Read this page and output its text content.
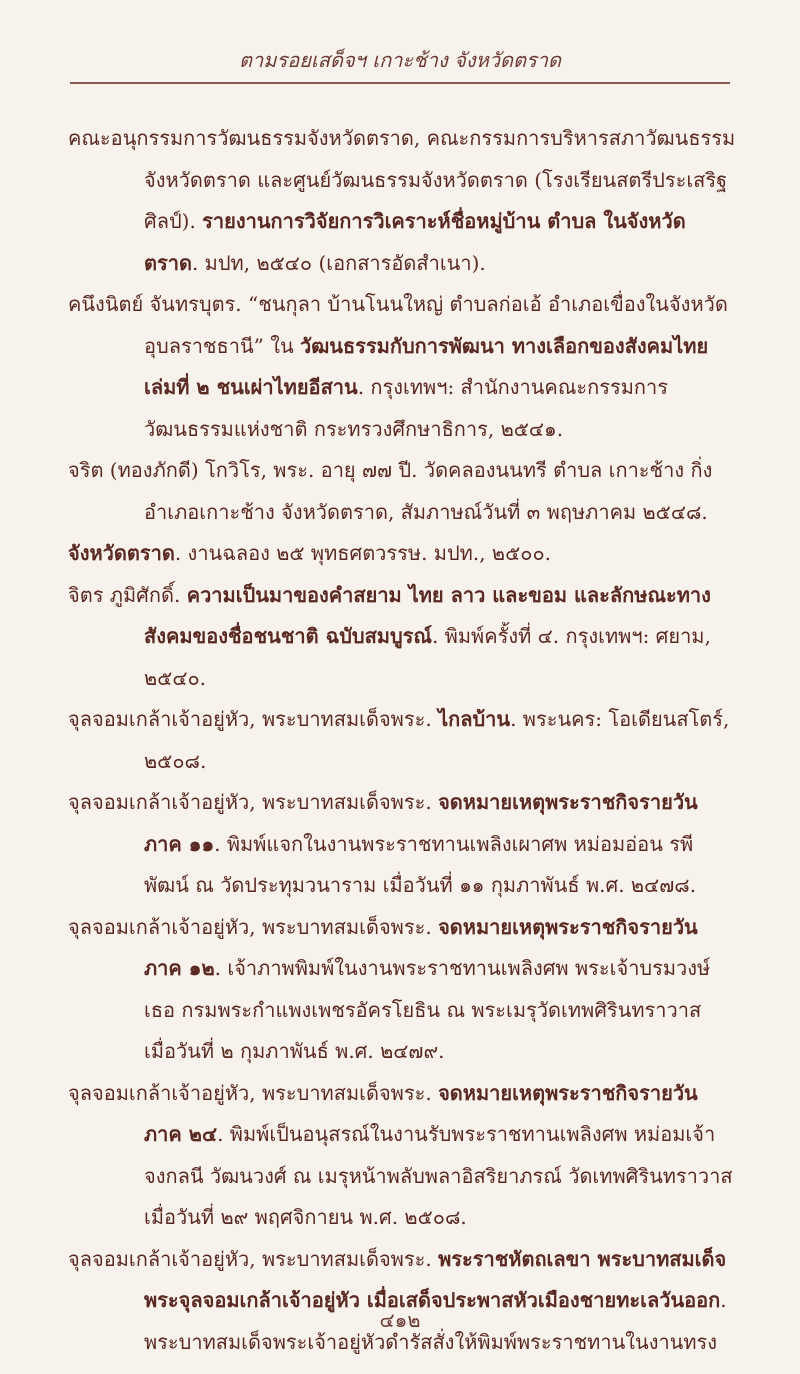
ตามรอยเสด็จฯ เกาะช้าง จังหวัดตราด

คณะอนุกรรมการวัฒนธรรมจังหวัดตราด, คณะกรรมการบริหารสภาวัฒนธรรมจังหวัดตราด และศูนย์วัฒนธรรมจังหวัดตราด (โรงเรียนสตรีประเสริฐศิลป์). รายงานการวิจัยการวิเคราะห์ชื่อหมู่บ้าน ตำบล ในจังหวัดตราด. มปท, ๒๕๔๐ (เอกสารอัดสำเนา).

คนึงนิตย์ จันทรบุตร. “ชนกุลา บ้านโนนใหญ่ ตำบลก่อเอ้ อำเภอเขื่องในจังหวัดอุบลราชธานี” ใน วัฒนธรรมกับการพัฒนา ทางเลือกของสังคมไทย เล่มที่ ๒ ชนเผ่าไทยอีสาน. กรุงเทพฯ: สำนักงานคณะกรรมการวัฒนธรรมแห่งชาติ กระทรวงศึกษาธิการ, ๒๕๔๑.

จริต (ทองภักดี) โกวิโร, พระ. อายุ ๗๗ ปี. วัดคลองนนทรี ตำบล เกาะช้าง กิ่งอำเภอเกาะช้าง จังหวัดตราด, สัมภาษณ์วันที่ ๓ พฤษภาคม ๒๕๔๘.

จังหวัดตราด. งานฉลอง ๒๕ พุทธศตวรรษ. มปท., ๒๕๐๐.

จิตร ภูมิศักดิ์. ความเป็นมาของคำสยาม ไทย ลาว และขอม และลักษณะทางสังคมของชื่อชนชาติ ฉบับสมบูรณ์. พิมพ์ครั้งที่ ๔. กรุงเทพฯ: ศยาม, ๒๕๔๐.

จุลจอมเกล้าเจ้าอยู่หัว, พระบาทสมเด็จพระ. ไกลบ้าน. พระนคร: โอเดียนสโตร์, ๒๕๐๘.

จุลจอมเกล้าเจ้าอยู่หัว, พระบาทสมเด็จพระ. จดหมายเหตุพระราชกิจรายวัน ภาค ๑๑. พิมพ์แจกในงานพระราชทานเพลิงเผาศพ หม่อมอ่อน รพีพัฒน์ ณ วัดประทุมวนาราม เมื่อวันที่ ๑๑ กุมภาพันธ์ พ.ศ. ๒๔๗๘.

จุลจอมเกล้าเจ้าอยู่หัว, พระบาทสมเด็จพระ. จดหมายเหตุพระราชกิจรายวัน ภาค ๑๒. เจ้าภาพพิมพ์ในงานพระราชทานเพลิงศพ พระเจ้าบรมวงษ์เธอ กรมพระกำแพงเพชรอัครโยธิน ณ พระเมรุวัดเทพศิรินทราวาส เมื่อวันที่ ๒ กุมภาพันธ์ พ.ศ. ๒๔๗๙.

จุลจอมเกล้าเจ้าอยู่หัว, พระบาทสมเด็จพระ. จดหมายเหตุพระราชกิจรายวัน ภาค ๒๔. พิมพ์เป็นอนุสรณ์ในงานรับพระราชทานเพลิงศพ หม่อมเจ้าจงกลนี วัฒนวงศ์ ณ เมรุหน้าพลับพลาอิสริยาภรณ์ วัดเทพศิรินทราวาส เมื่อวันที่ ๒๙ พฤศจิกายน พ.ศ. ๒๕๐๘.

จุลจอมเกล้าเจ้าอยู่หัว, พระบาทสมเด็จพระ. พระราชหัตถเลขา พระบาทสมเด็จพระจุลจอมเกล้าเจ้าอยู่หัว เมื่อเสด็จประพาสหัวเมืองชายทะเลวันออก. พระบาทสมเด็จพระเจ้าอยู่หัวดำรัสสั่งให้พิมพ์พระราชทานในงานทรง

๔๑๒
